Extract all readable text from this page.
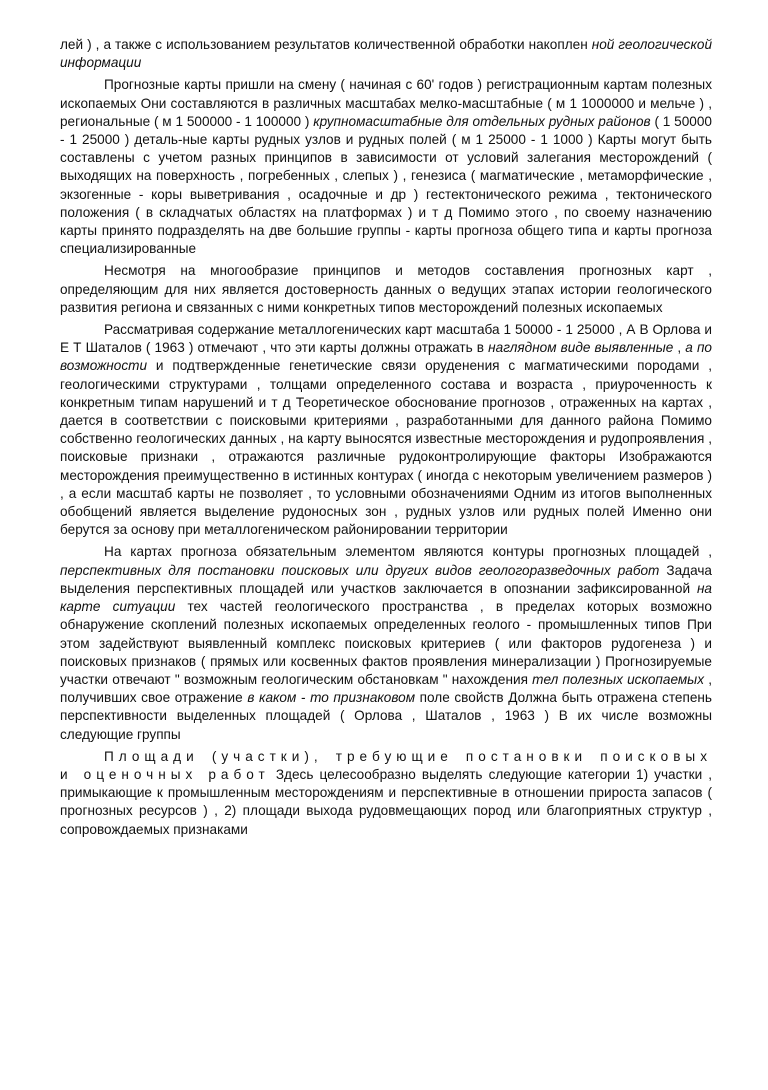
лей ) , а также с использованием результатов количественной обработки накоплен ной геологической информации

Прогнозные карты пришли на смену ( начиная с 60' годов ) регистрационным картам полезных ископаемых Они составляются в различных масштабах мелко-масштабные ( м 1 1000000 и мельче ) , региональные ( м 1 500000 - 1 100000 ) крупномасштабные для отдельных рудных районов ( 1 50000 - 1 25000 ) деталь-ные карты рудных узлов и рудных полей ( м 1 25000 - 1 1000 ) Карты могут быть составлены с учетом разных принципов в зависимости от условий залегания месторождений ( выходящих на поверхность , погребенных , слепых ) , генезиса ( магматические , метаморфические , экзогенные - коры выветривания , осадочные и др ) гестектонического режима , тектонического положения ( в складчатых областях на платформах ) и т д Помимо этого , по своему назначению карты принято подразделять на две большие группы - карты прогноза общего типа и карты прогноза специализированные

Несмотря на многообразие принципов и методов составления прогнозных карт , определяющим для них является достоверность данных о ведущих этапах истории геологического развития региона и связанных с ними конкретных типов месторождений полезных ископаемых

Рассматривая содержание металлогенических карт масштаба 1 50000 - 1 25000 , А В Орлова и Е Т Шаталов ( 1963 ) отмечают , что эти карты должны отражать в наглядном виде выявленные , а по возможности и подтвержденные генетические связи оруденения с магматическими породами , геологическими структурами , толщами определенного состава и возраста , приуроченность к конкретным типам нарушений и т д Теоретическое обоснование прогнозов , отраженных на картах , дается в соответствии с поисковыми критериями , разработанными для данного района Помимо собственно геологических данных , на карту выносятся известные месторождения и рудопроявления , поисковые признаки , отражаются различные рудоконтролирующие факторы Изображаются месторождения преимущественно в истинных контурах ( иногда с некоторым увеличением размеров ) , а если масштаб карты не позволяет , то условными обозначениями Одним из итогов выполненных обобщений является выделение рудоносных зон , рудных узлов или рудных полей Именно они берутся за основу при металлогеническом районировании территории

На картах прогноза обязательным элементом являются контуры прогнозных площадей , перспективных для постановки поисковых или других видов геологоразведочных работ Задача выделения перспективных площадей или участков заключается в опознании зафиксированной на карте ситуации тех частей геологического пространства , в пределах которых возможно обнаружение скоплений полезных ископаемых определенных геолого - промышленных типов При этом задействуют выявленный комплекс поисковых критериев ( или факторов рудогенеза ) и поисковых признаков ( прямых или косвенных фактов проявления минерализации ) Прогнозируемые участки отвечают " возможным геологическим обстановкам " нахождения тел полезных ископаемых , получивших свое отражение в каком - то признаковом поле свойств Должна быть отражена степень перспективности выделенных площадей ( Орлова , Шаталов , 1963 ) В их числе возможны следующие группы

Площади (участки), требующие постановки поисковых и оценочных работ Здесь целесообразно выделять следующие категории 1) участки , примыкающие к промышленным месторождениям и перспективные в отношении прироста запасов ( прогнозных ресурсов ) , 2) площади выхода рудовмещающих пород или благоприятных структур , сопровождаемых признаками
